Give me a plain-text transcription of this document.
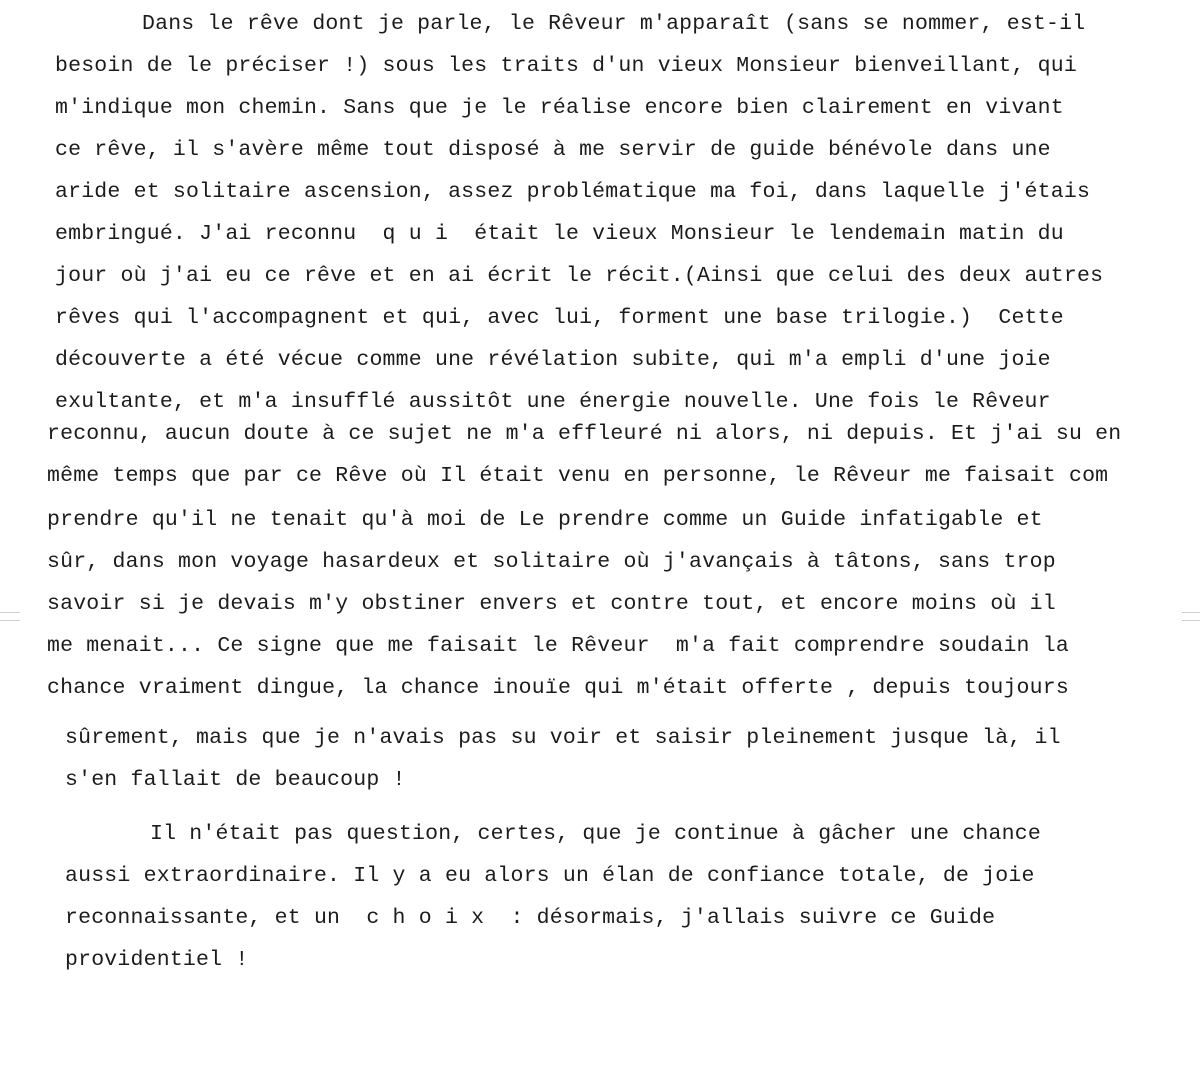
Dans le rêve dont je parle, le Rêveur m'apparaît (sans se nommer, est-il
besoin de le préciser !) sous les traits d'un vieux Monsieur bienveillant, qui
m'indique mon chemin. Sans que je le réalise encore bien clairement en vivant
ce rêve, il s'avère même tout disposé à me servir de guide bénévole dans une
aride et solitaire ascension, assez problématique ma foi, dans laquelle j'étais
embringué. J'ai reconnu  q u i  était le vieux Monsieur le lendemain matin du
jour où j'ai eu ce rêve et en ai écrit le récit.(Ainsi que celui des deux autres
rêves qui l'accompagnent et qui, avec lui, forment une base trilogie.)  Cette
découverte a été vécue comme une révélation subite, qui m'a empli d'une joie
exultante, et m'a insufflé aussitôt une énergie nouvelle. Une fois le Rêveur
reconnu, aucun doute à ce sujet ne m'a effleuré ni alors, ni depuis. Et j'ai su en
même temps que par ce Rêve où Il était venu en personne, le Rêveur me faisait com
prendre qu'il ne tenait qu'à moi de Le prendre comme un Guide infatigable et
sûr, dans mon voyage hasardeux et solitaire où j'avançais à tâtons, sans trop
savoir si je devais m'y obstiner envers et contre tout, et encore moins où il
me menait... Ce signe que me faisait le Rêveur  m'a fait comprendre soudain la
chance vraiment dingue, la chance inouïe qui m'était offerte , depuis toujours
sûrement, mais que je n'avais pas su voir et saisir pleinement jusque là, il
s'en fallait de beaucoup !
Il n'était pas question, certes, que je continue à gâcher une chance
aussi extraordinaire. Il y a eu alors un élan de confiance totale, de joie
reconnaissante, et un  c h o i x  : désormais, j'allais suivre ce Guide
providentiel !
